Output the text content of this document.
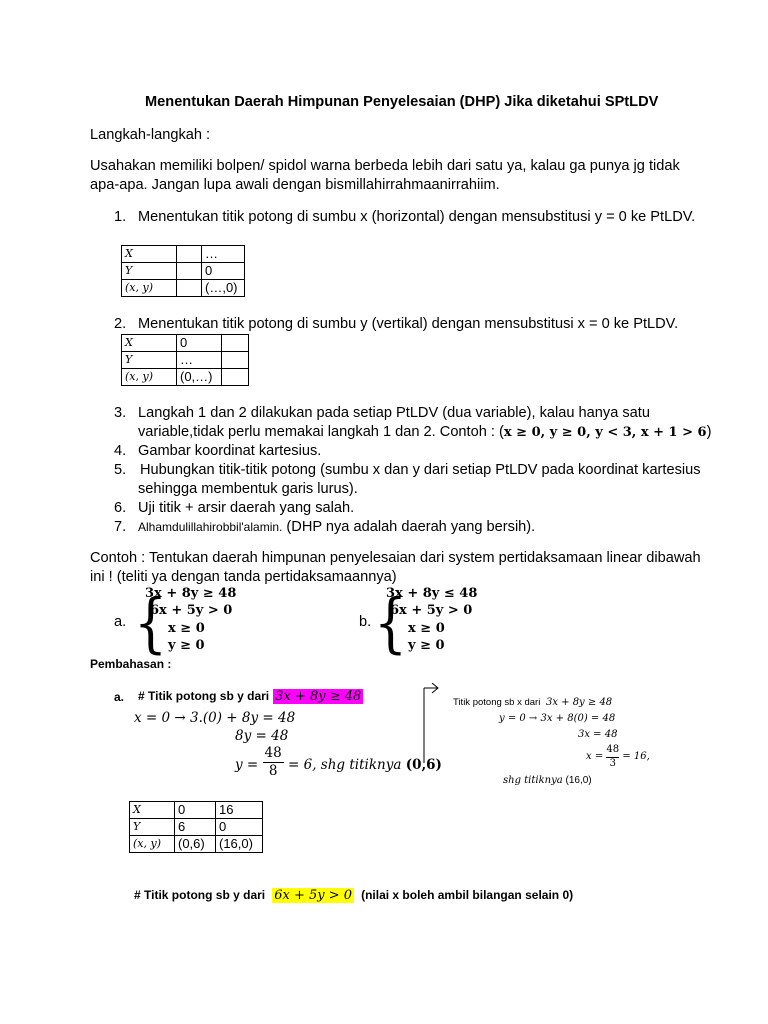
Menentukan Daerah Himpunan Penyelesaian (DHP) Jika diketahui SPtLDV
Langkah-langkah :
Usahakan memiliki bolpen/ spidol warna berbeda lebih dari satu ya, kalau ga punya jg tidak
apa-apa. Jangan lupa awali dengan bismillahirrahmaanirrahiim.
1. Menentukan titik potong di sumbu x (horizontal) dengan mensubstitusi y = 0 ke PtLDV.
X		…
Y		0
(x, y)		(…,0)
2. Menentukan titik potong di sumbu y (vertikal) dengan mensubstitusi x = 0 ke PtLDV.
X	0	
Y	…	
(x, y)	(0,…)	
3. Langkah 1 dan 2 dilakukan pada setiap PtLDV (dua variable), kalau hanya satu
variable,tidak perlu memakai langkah 1 dan 2. Contoh : (x ≥ 0, y ≥ 0, y < 3, x + 1 > 6)
4. Gambar koordinat kartesius.
5. Hubungkan titik-titik potong (sumbu x dan y dari setiap PtLDV pada koordinat kartesius
sehingga membentuk garis lurus).
6. Uji titik + arsir daerah yang salah.
7. Alhamdulillahirobbil'alamin. (DHP nya adalah daerah yang bersih).
Contoh : Tentukan daerah himpunan penyelesaian dari system pertidaksamaan linear dibawah
ini ! (teliti ya dengan tanda pertidaksamaannya)
a. {
3x + 8y ≥ 48
6x + 5y > 0
x ≥ 0
y ≥ 0
b. {
3x + 8y ≤ 48
6x + 5y > 0
x ≥ 0
y ≥ 0
Pembahasan :
a. # Titik potong sb y dari 3x + 8y ≥ 48
x = 0 → 3.(0) + 8y = 48
8y = 48
$y = \frac{48}{8} = 6$, shg titiknya (0,6)
Titik potong sb x dari 3x + 8y ≥ 48
y = 0 → 3x + 8(0) = 48
3x = 48
$x = \frac{48}{3} = 16$,
shg titiknya (16,0)
X	0	16
Y	6	0
(x, y)	(0,6)	(16,0)
# Titik potong sb y dari 6x + 5y > 0 (nilai x boleh ambil bilangan selain 0)
